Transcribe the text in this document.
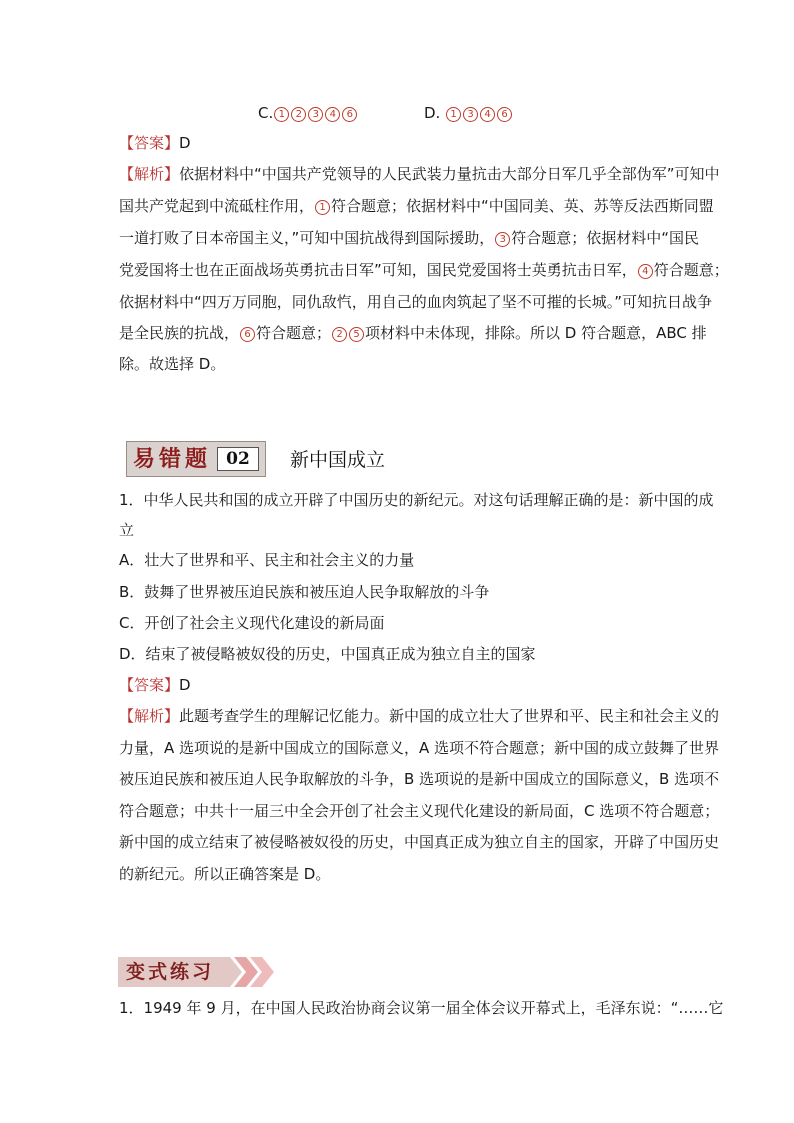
C. 1 2 3 4 6	D. 1 3 4 6
【答案】D
【解析】依据材料中“中国共产党领导的人民武装力量抗击大部分日军几乎全部伪军”可知中
国共产党起到中流砥柱作用， 1 符合题意；依据材料中“中国同美、英、苏等反法西斯同盟
一道打败了日本帝国主义，”可知中国抗战得到国际援助， 3 符合题意；依据材料中“国民
党爱国将士也在正面战场英勇抗击日军”可知，国民党爱国将士英勇抗击日军， 4 符合题意；
依据材料中“四万万同胞，同仇敌忾，用自己的血肉筑起了坚不可摧的长城。”可知抗日战争
是全民族的抗战， 6 符合题意； 2 5 项材料中未体现，排除。所以 D 符合题意，ABC 排
除。故选择 D。
易错题 02	新中国成立
1．中华人民共和国的成立开辟了中国历史的新纪元。对这句话理解正确的是：新中国的成
立
A．壮大了世界和平、民主和社会主义的力量
B．鼓舞了世界被压迫民族和被压迫人民争取解放的斗争
C．开创了社会主义现代化建设的新局面
D．结束了被侵略被奴役的历史，中国真正成为独立自主的国家
【答案】D
【解析】此题考查学生的理解记忆能力。新中国的成立壮大了世界和平、民主和社会主义的
力量，A 选项说的是新中国成立的国际意义，A 选项不符合题意；新中国的成立鼓舞了世界
被压迫民族和被压迫人民争取解放的斗争，B 选项说的是新中国成立的国际意义，B 选项不
符合题意；中共十一届三中全会开创了社会主义现代化建设的新局面，C 选项不符合题意；
新中国的成立结束了被侵略被奴役的历史，中国真正成为独立自主的国家，开辟了中国历史
的新纪元。所以正确答案是 D。
变式练习
1．1949 年 9 月，在中国人民政治协商会议第一届全体会议开幕式上，毛泽东说：“……它
